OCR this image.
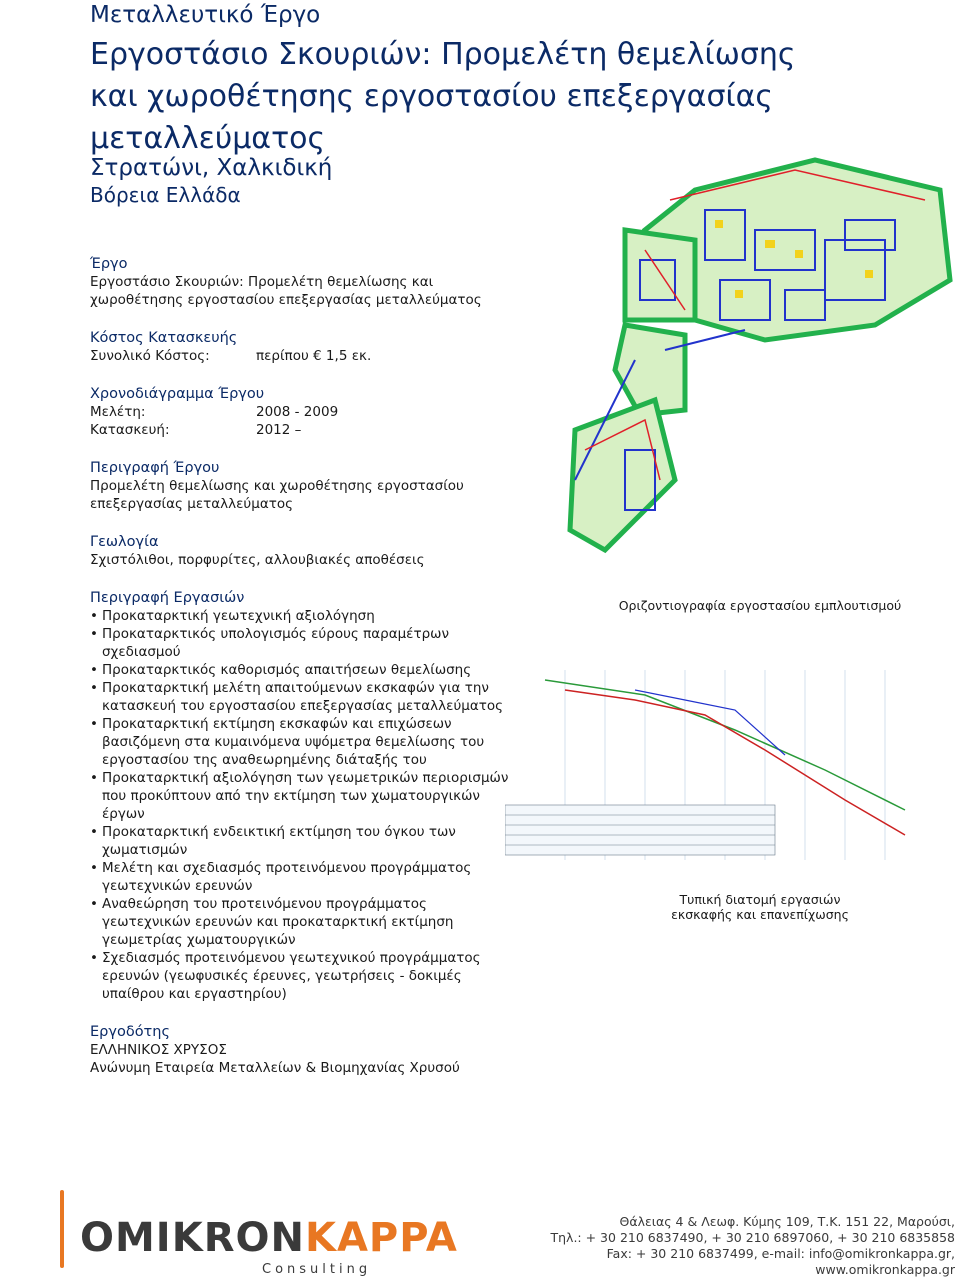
Μεταλλευτικό Έργο
Εργοστάσιο Σκουριών: Προμελέτη θεμελίωσης και χωροθέτησης εργοστασίου επεξεργασίας μεταλλεύματος
Στρατώνι, Χαλκιδική
Βόρεια Ελλάδα
Έργο
Εργοστάσιο Σκουριών: Προμελέτη θεμελίωσης και χωροθέτησης εργοστασίου επεξεργασίας μεταλλεύματος
Κόστος Κατασκευής
Συνολικό Κόστος:	περίπου € 1,5 εκ.
Χρονοδιάγραμμα Έργου
Μελέτη:	2008 - 2009
Κατασκευή:	2012 –
Περιγραφή Έργου
Προμελέτη θεμελίωσης και χωροθέτησης εργοστασίου επεξεργασίας μεταλλεύματος
Γεωλογία
Σχιστόλιθοι, πορφυρίτες, αλλουβιακές αποθέσεις
Περιγραφή Εργασιών
• Προκαταρκτική γεωτεχνική αξιολόγηση
• Προκαταρκτικός υπολογισμός εύρους παραμέτρων σχεδιασμού
• Προκαταρκτικός καθορισμός απαιτήσεων θεμελίωσης
• Προκαταρκτική μελέτη απαιτούμενων εκσκαφών για την κατασκευή του εργοστασίου επεξεργασίας μεταλλεύματος
• Προκαταρκτική εκτίμηση εκσκαφών και επιχώσεων βασιζόμενη στα κυμαινόμενα υψόμετρα θεμελίωσης του εργοστασίου της αναθεωρημένης διάταξής του
• Προκαταρκτική αξιολόγηση των γεωμετρικών περιορισμών που προκύπτουν από την εκτίμηση των χωματουργικών έργων
• Προκαταρκτική ενδεικτική εκτίμηση του όγκου των χωματισμών
• Μελέτη και σχεδιασμός προτεινόμενου προγράμματος γεωτεχνικών ερευνών
• Αναθεώρηση του προτεινόμενου προγράμματος γεωτεχνικών ερευνών και προκαταρκτική εκτίμηση γεωμετρίας χωματουργικών
• Σχεδιασμός προτεινόμενου γεωτεχνικού προγράμματος ερευνών (γεωφυσικές έρευνες, γεωτρήσεις - δοκιμές υπαίθρου και εργαστηρίου)
Εργοδότης
ΕΛΛΗΝΙΚΟΣ ΧΡΥΣΟΣ
Ανώνυμη Εταιρεία Μεταλλείων & Βιομηχανίας Χρυσού
Οριζοντιογραφία εργοστασίου εμπλουτισμού
Τυπική διατομή εργασιών
εκσκαφής και επανεπίχωσης
OMIKRONKAPPA
Consulting
Θάλειας 4 & Λεωφ. Κύμης 109, Τ.Κ. 151 22, Μαρούσι,
Τηλ.: + 30 210 6837490, + 30 210 6897060, + 30 210 6835858
Fax: + 30 210 6837499, e-mail: info@omikronkappa.gr, www.omikronkappa.gr
